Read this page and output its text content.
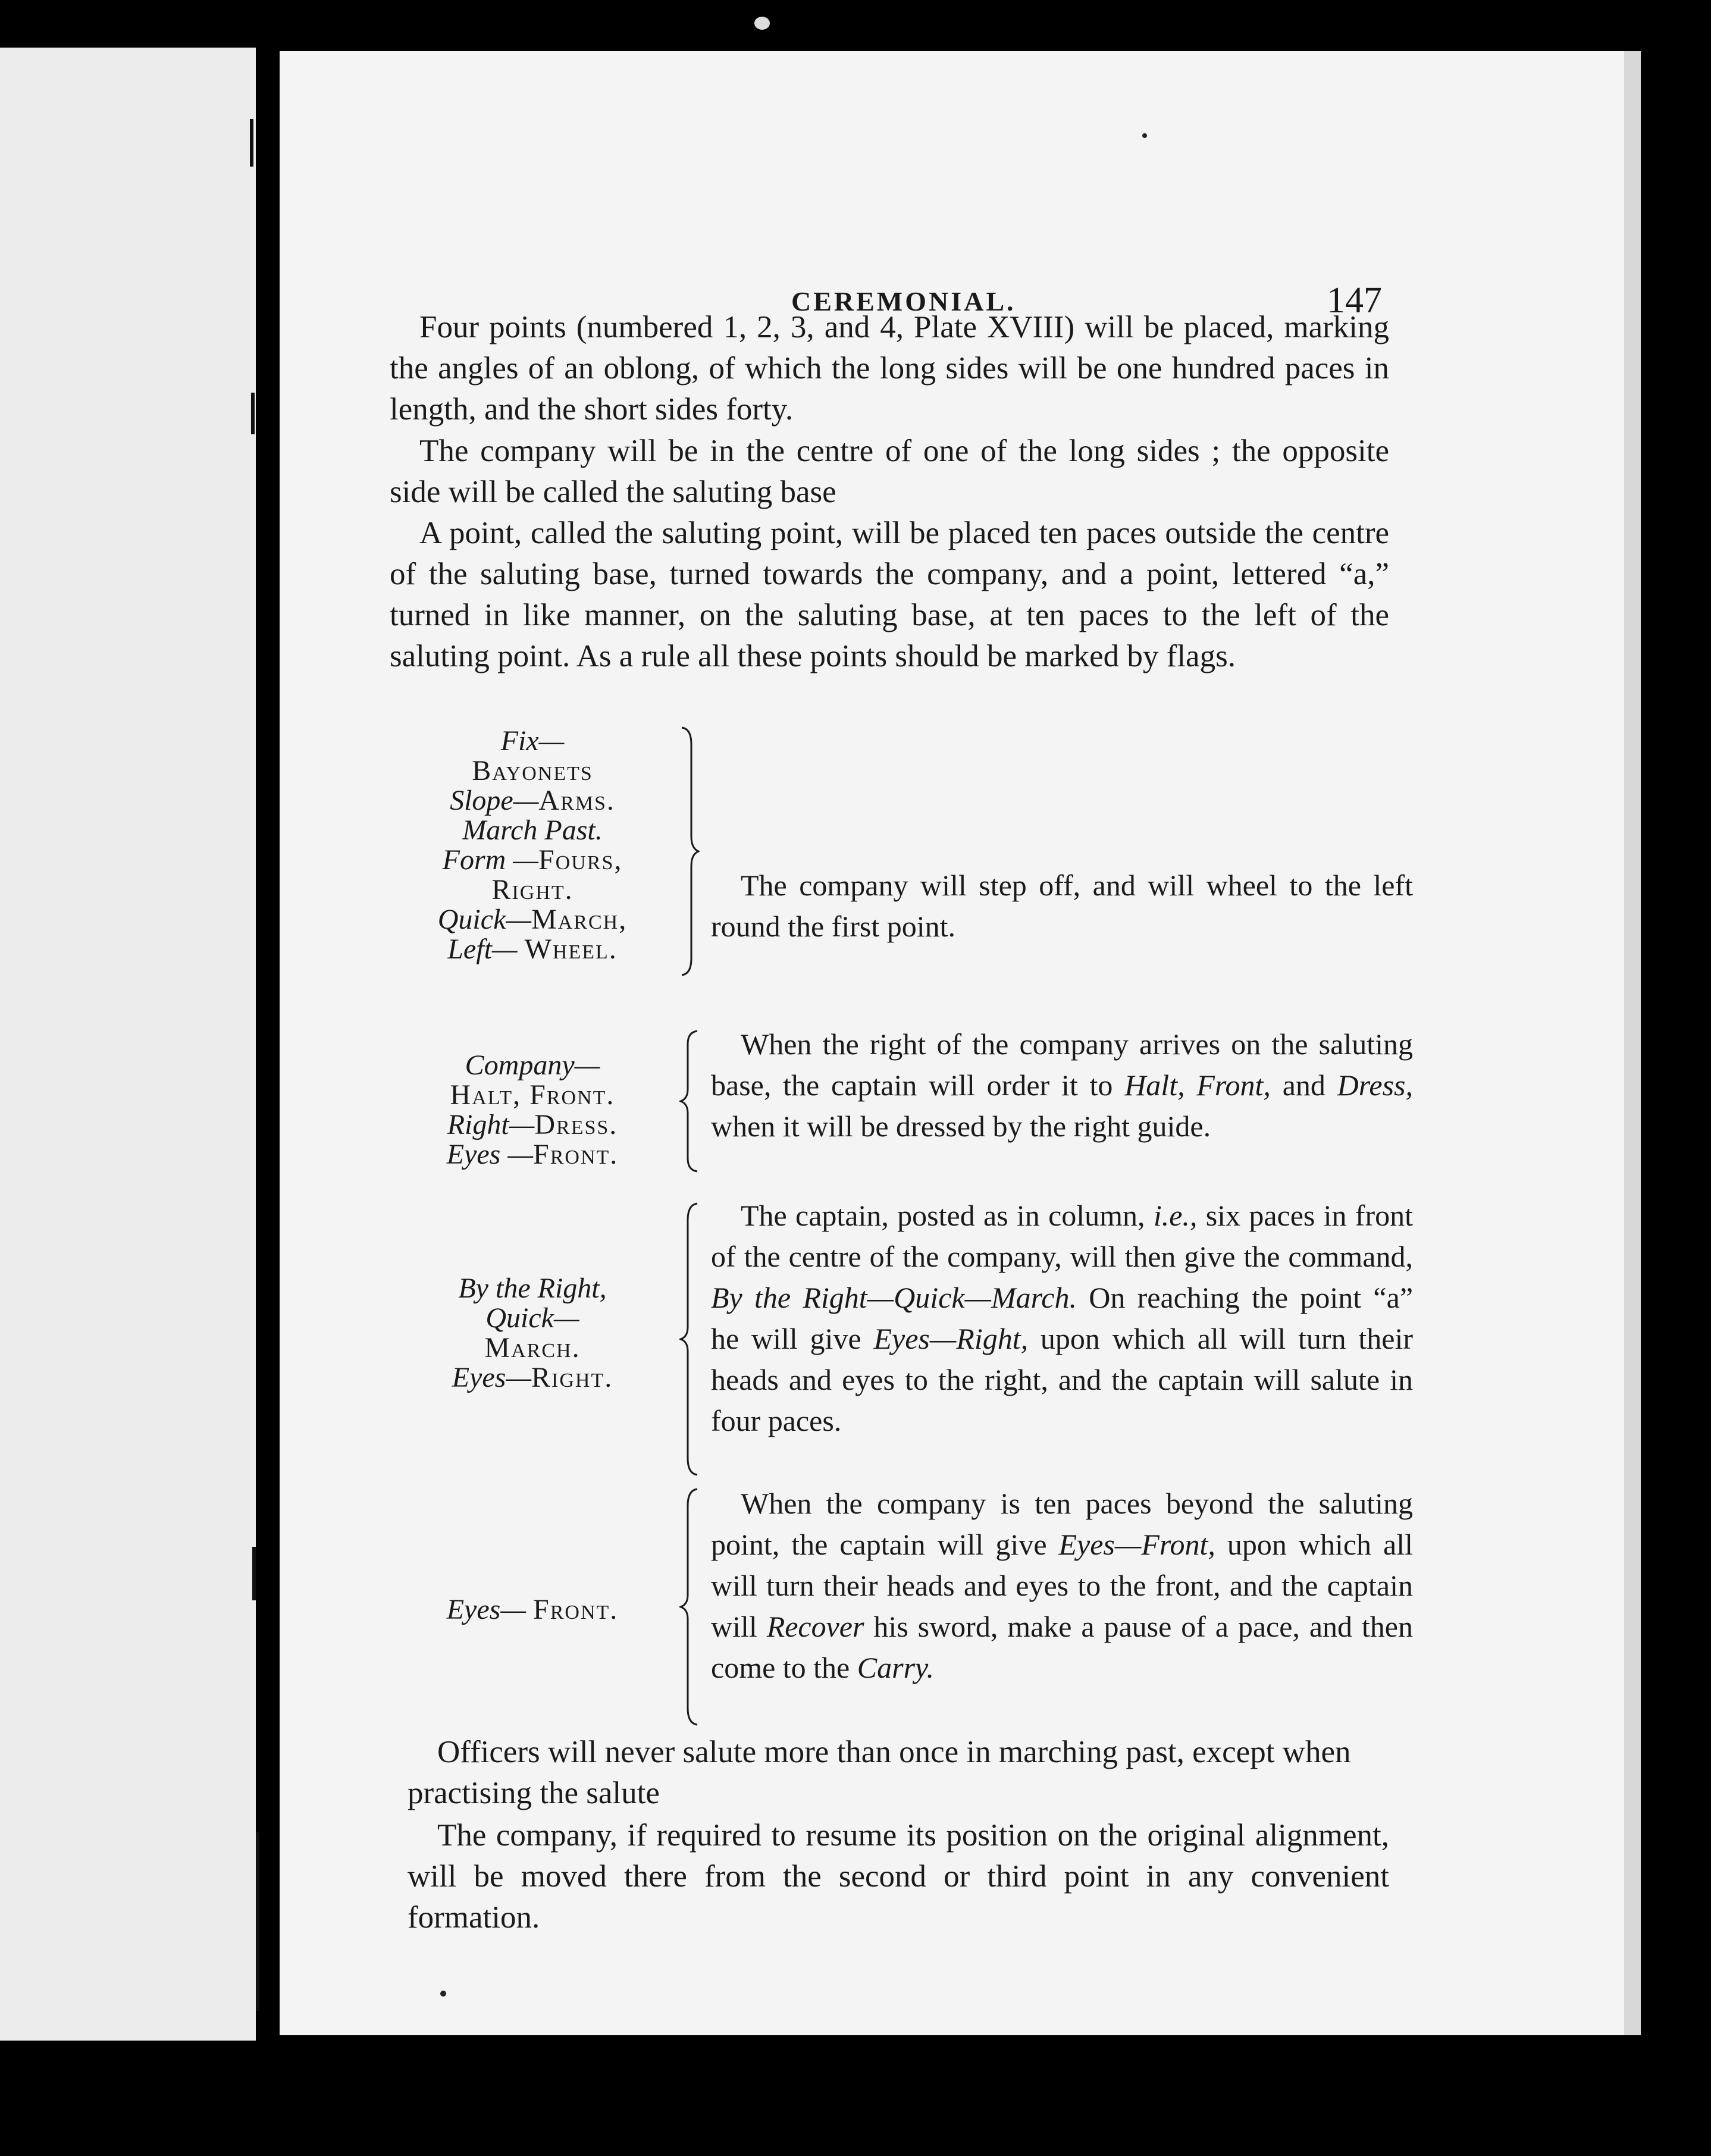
CEREMONIAL.	147

Four points (numbered 1, 2, 3, and 4, Plate XVIII) will be placed, marking the angles of an oblong, of which the long sides will be one hundred paces in length, and the short sides forty.

The company will be in the centre of one of the long sides ; the opposite side will be called the saluting base

A point, called the saluting point, will be placed ten paces outside the centre of the saluting base, turned towards the company, and a point, lettered “a,” turned in like manner, on the saluting base, at ten paces to the left of the saluting point. As a rule all these points should be marked by flags.

Fix—
Bayonets
Slope—Arms.
March Past.
Form —Fours,
Right.
Quick—March,
Left— Wheel.

The company will step off, and will wheel to the left round the first point.

Company—
Halt, Front.
Right—Dress.
Eyes —Front.

When the right of the company arrives on the saluting base, the captain will order it to Halt, Front, and Dress, when it will be dressed by the right guide.

By the Right,
Quick—
March.
Eyes—Right.

The captain, posted as in column, i.e., six paces in front of the centre of the company, will then give the command, By the Right—Quick—March. On reaching the point “a” he will give Eyes—Right, upon which all will turn their heads and eyes to the right, and the captain will salute in four paces.

Eyes— Front.

When the company is ten paces beyond the saluting point, the captain will give Eyes—Front, upon which all will turn their heads and eyes to the front, and the captain will Recover his sword, make a pause of a pace, and then come to the Carry.

Officers will never salute more than once in marching past, except when practising the salute

The company, if required to resume its position on the original alignment, will be moved there from the second or third point in any convenient formation.
